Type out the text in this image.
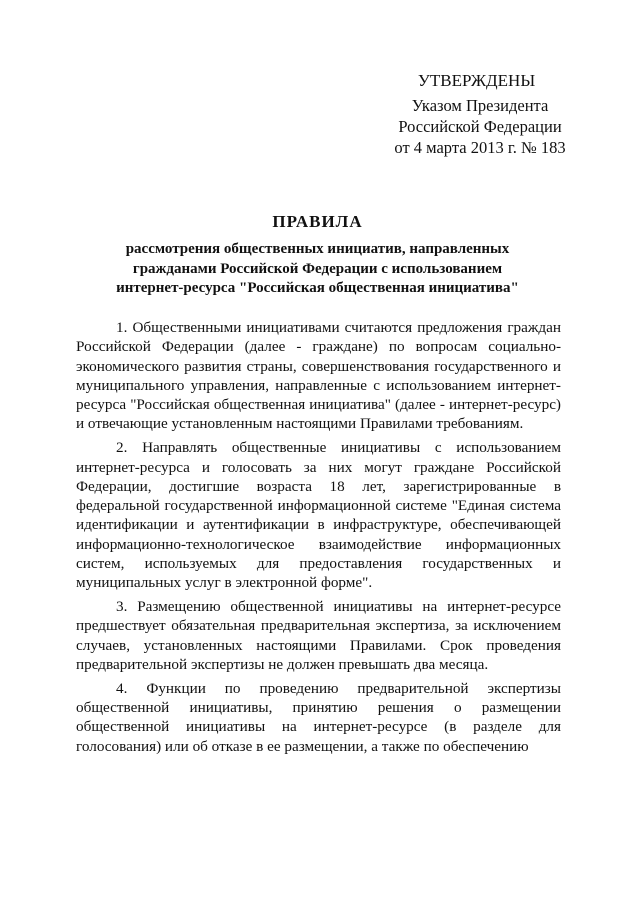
УТВЕРЖДЕНЫ
Указом Президента
Российской Федерации
от 4 марта 2013 г. № 183
ПРАВИЛА
рассмотрения общественных инициатив, направленных
гражданами Российской Федерации с использованием
интернет-ресурса "Российская общественная инициатива"

1. Общественными инициативами считаются предложения граждан Российской Федерации (далее - граждане) по вопросам социально-экономического развития страны, совершенствования государственного и муниципального управления, направленные с использованием интернет-ресурса "Российская общественная инициатива" (далее - интернет-ресурс) и отвечающие установленным настоящими Правилами требованиям.

2. Направлять общественные инициативы с использованием интернет-ресурса и голосовать за них могут граждане Российской Федерации, достигшие возраста 18 лет, зарегистрированные в федеральной государственной информационной системе "Единая система идентификации и аутентификации в инфраструктуре, обеспечивающей информационно-технологическое взаимодействие информационных систем, используемых для предоставления государственных и муниципальных услуг в электронной форме".

3. Размещению общественной инициативы на интернет-ресурсе предшествует обязательная предварительная экспертиза, за исключением случаев, установленных настоящими Правилами. Срок проведения предварительной экспертизы не должен превышать два месяца.

4. Функции по проведению предварительной экспертизы общественной инициативы, принятию решения о размещении общественной инициативы на интернет-ресурсе (в разделе для голосования) или об отказе в ее размещении, а также по обеспечению
